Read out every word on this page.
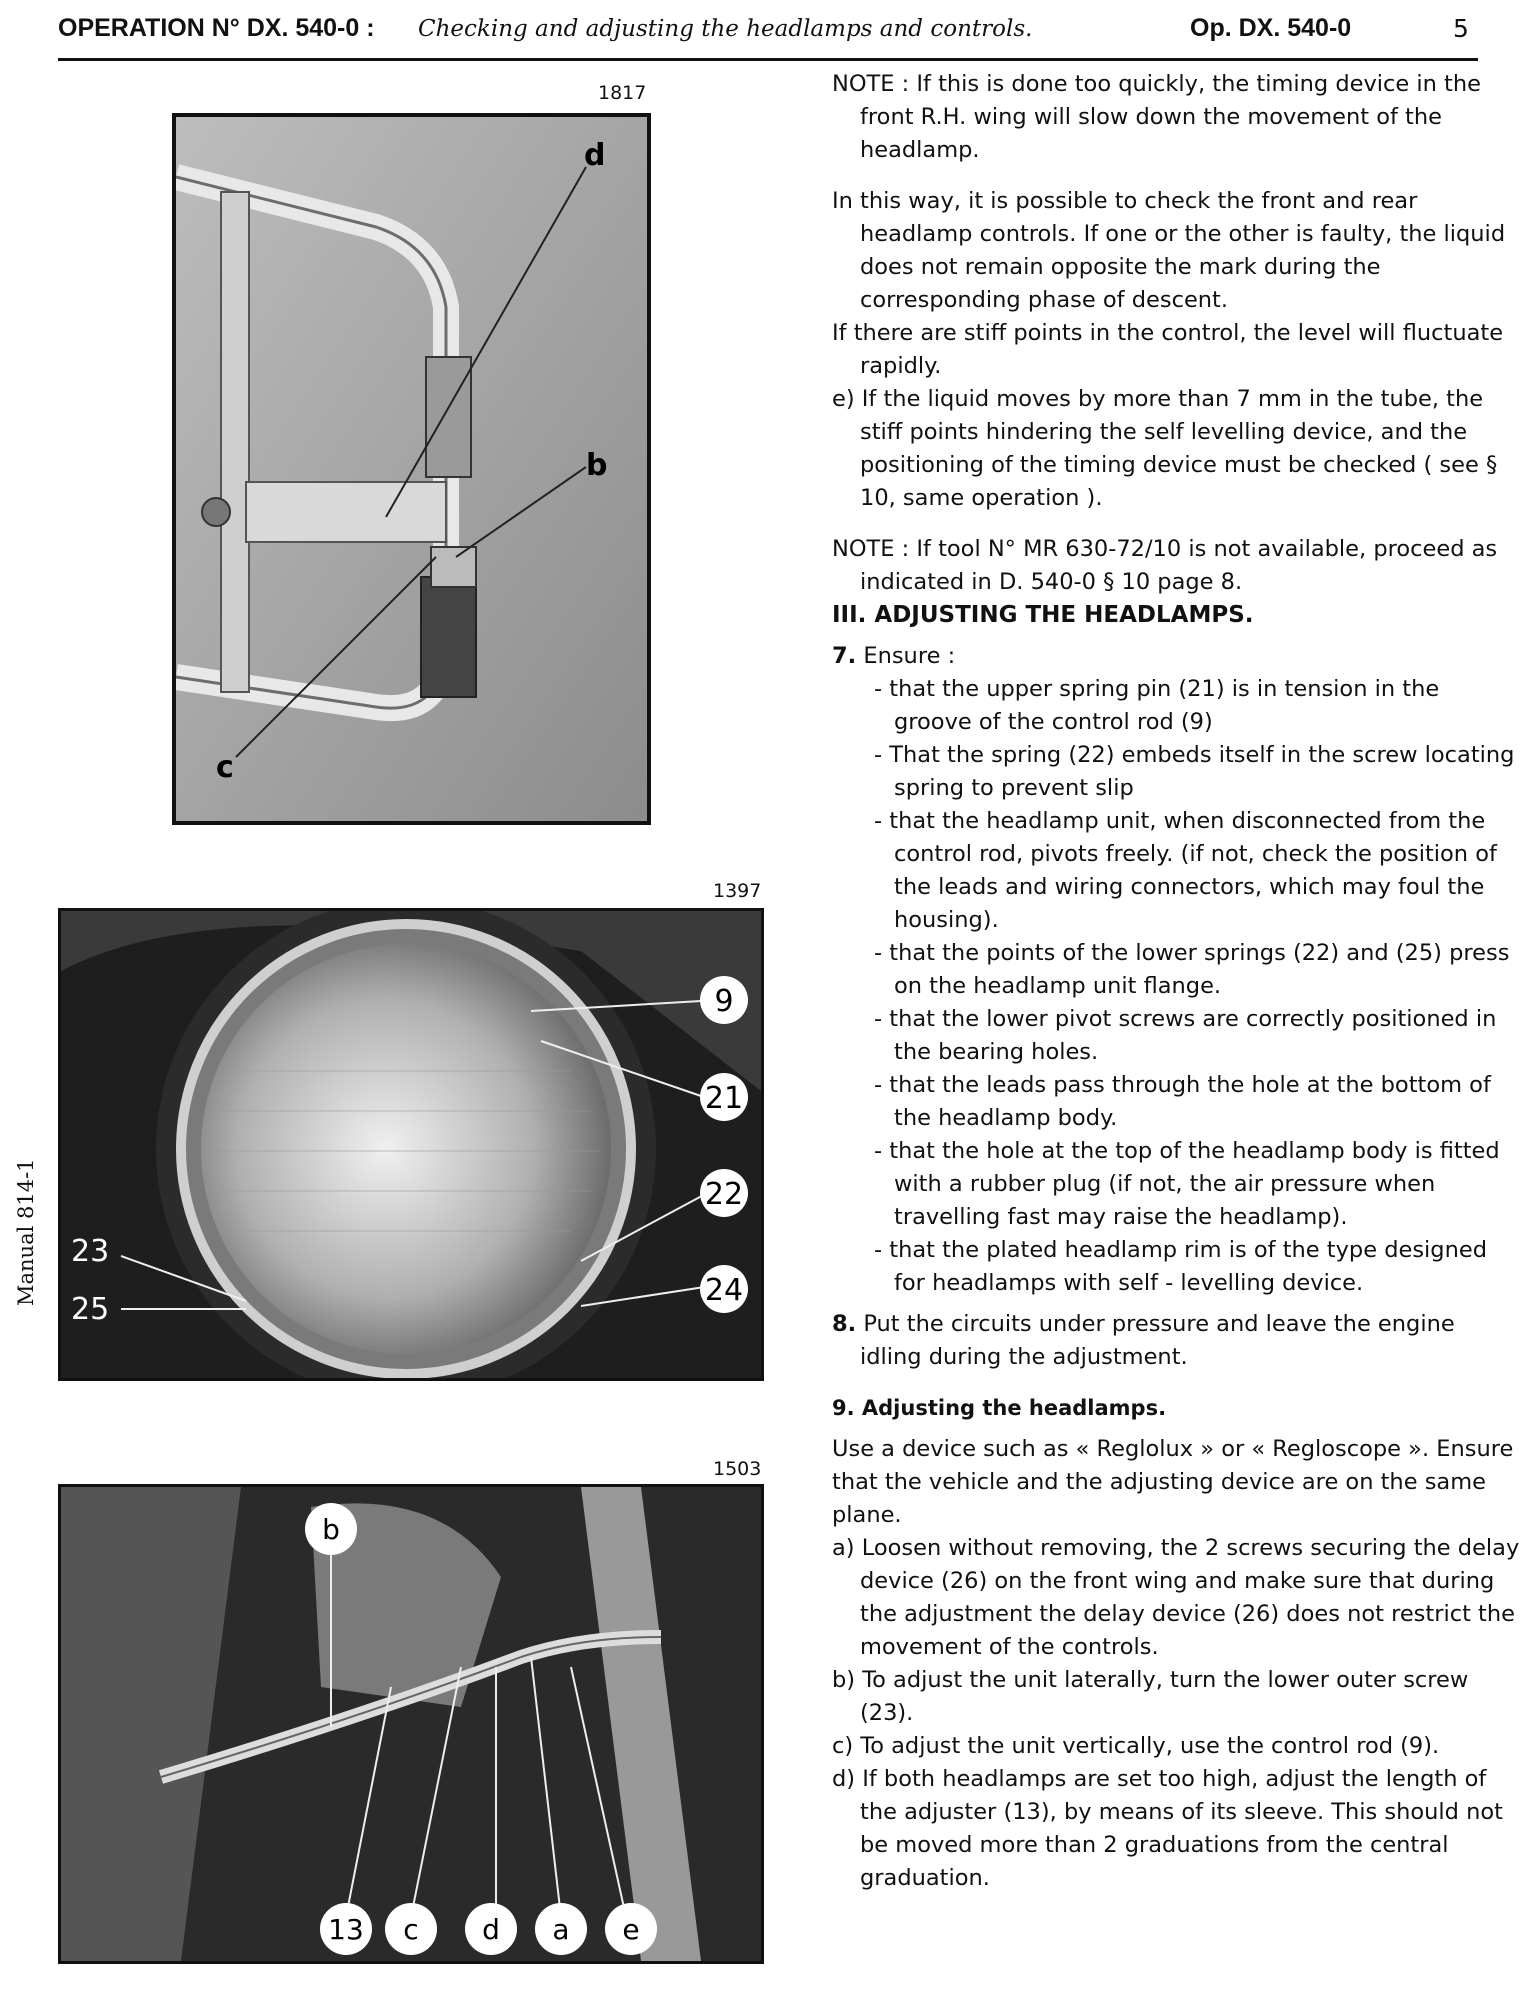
OPERATION N° DX. 540-0 : Checking and adjusting the headlamps and controls.	Op. DX. 540-0	5
Manual 814-1
1817
d
b
c
1397
9
21
22
24
23
25
1503
b
13 c d a e

NOTE : If this is done too quickly, the timing device in the front R.H. wing will slow down the movement of the headlamp.

In this way, it is possible to check the front and rear headlamp controls. If one or the other is faulty, the liquid does not remain opposite the mark during the corresponding phase of descent.

If there are stiff points in the control, the level will fluctuate rapidly.

e) If the liquid moves by more than 7 mm in the tube, the stiff points hindering the self levelling device, and the positioning of the timing device must be checked ( see § 10, same operation ).

NOTE : If tool N° MR 630-72/10 is not available, proceed as indicated in D. 540-0 § 10 page 8.

III. ADJUSTING THE HEADLAMPS.

7. Ensure :

- that the upper spring pin (21) is in tension in the groove of the control rod (9)

- That the spring (22) embeds itself in the screw locating spring to prevent slip

- that the headlamp unit, when disconnected from the control rod, pivots freely. (if not, check the position of the leads and wiring connectors, which may foul the housing).

- that the points of the lower springs (22) and (25) press on the headlamp unit flange.

- that the lower pivot screws are correctly positioned in the bearing holes.

- that the leads pass through the hole at the bottom of the headlamp body.

- that the hole at the top of the headlamp body is fitted with a rubber plug (if not, the air pressure when travelling fast may raise the headlamp).

- that the plated headlamp rim is of the type designed for headlamps with self - levelling device.

8. Put the circuits under pressure and leave the engine idling during the adjustment.

9. Adjusting the headlamps.

Use a device such as « Reglolux » or « Regloscope ». Ensure that the vehicle and the adjusting device are on the same plane.

a) Loosen without removing, the 2 screws securing the delay device (26) on the front wing and make sure that during the adjustment the delay device (26) does not restrict the movement of the controls.

b) To adjust the unit laterally, turn the lower outer screw (23).

c) To adjust the unit vertically, use the control rod (9).

d) If both headlamps are set too high, adjust the length of the adjuster (13), by means of its sleeve. This should not be moved more than 2 graduations from the central graduation.
